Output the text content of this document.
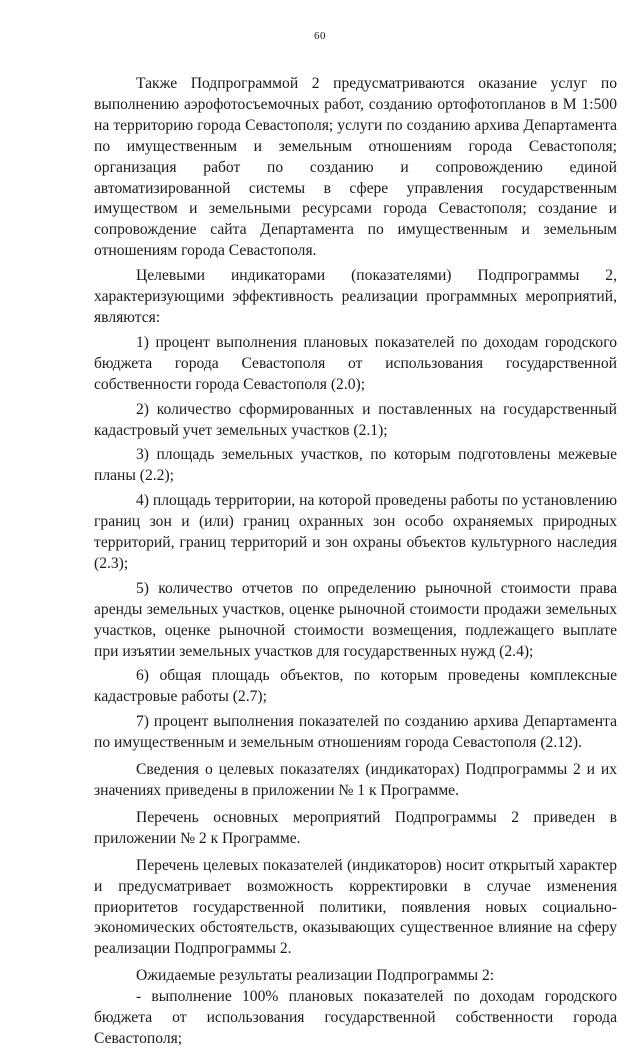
60

Также Подпрограммой 2 предусматриваются оказание услуг по выполнению аэрофотосъемочных работ, созданию ортофотопланов в М 1:500 на территорию города Севастополя; услуги по созданию архива Департамента по имущественным и земельным отношениям города Севастополя; организация работ по созданию и сопровождению единой автоматизированной системы в сфере управления государственным имуществом и земельными ресурсами города Севастополя; создание и сопровождение сайта Департамента по имущественным и земельным отношениям города Севастополя.

Целевыми индикаторами (показателями) Подпрограммы 2, характеризующими эффективность реализации программных мероприятий, являются:

1) процент выполнения плановых показателей по доходам городского бюджета города Севастополя от использования государственной собственности города Севастополя (2.0);

2) количество сформированных и поставленных на государственный кадастровый учет земельных участков (2.1);

3) площадь земельных участков, по которым подготовлены межевые планы (2.2);

4) площадь территории, на которой проведены работы по установлению границ зон и (или) границ охранных зон особо охраняемых природных территорий, границ территорий и зон охраны объектов культурного наследия (2.3);

5) количество отчетов по определению рыночной стоимости права аренды земельных участков, оценке рыночной стоимости продажи земельных участков, оценке рыночной стоимости возмещения, подлежащего выплате при изъятии земельных участков для государственных нужд (2.4);

6) общая площадь объектов, по которым проведены комплексные кадастровые работы (2.7);

7) процент выполнения показателей по созданию архива Департамента по имущественным и земельным отношениям города Севастополя (2.12).

Сведения о целевых показателях (индикаторах) Подпрограммы 2 и их значениях приведены в приложении № 1 к Программе.

Перечень основных мероприятий Подпрограммы 2 приведен в приложении № 2 к Программе.

Перечень целевых показателей (индикаторов) носит открытый характер и предусматривает возможность корректировки в случае изменения приоритетов государственной политики, появления новых социально-экономических обстоятельств, оказывающих существенное влияние на сферу реализации Подпрограммы 2.

Ожидаемые результаты реализации Подпрограммы 2:

- выполнение 100% плановых показателей по доходам городского бюджета от использования государственной собственности города Севастополя;
